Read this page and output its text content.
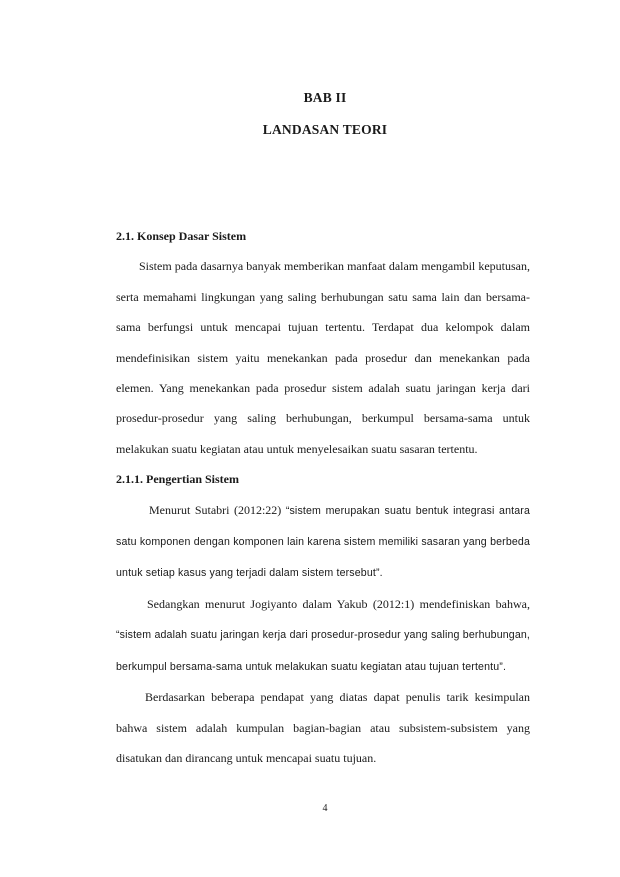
BAB II
LANDASAN TEORI
2.1. Konsep Dasar Sistem

Sistem pada dasarnya banyak memberikan manfaat dalam mengambil keputusan, serta memahami lingkungan yang saling berhubungan satu sama lain dan bersama-sama berfungsi untuk mencapai tujuan tertentu. Terdapat dua kelompok dalam mendefinisikan sistem yaitu menekankan pada prosedur dan menekankan pada elemen. Yang menekankan pada prosedur sistem adalah suatu jaringan kerja dari prosedur-prosedur yang saling berhubungan, berkumpul bersama-sama untuk melakukan suatu kegiatan atau untuk menyelesaikan suatu sasaran tertentu.

2.1.1. Pengertian Sistem

Menurut Sutabri (2012:22) “sistem merupakan suatu bentuk integrasi antara satu komponen dengan komponen lain karena sistem memiliki sasaran yang berbeda untuk setiap kasus yang terjadi dalam sistem tersebut”.

Sedangkan menurut Jogiyanto dalam Yakub (2012:1) mendefiniskan bahwa, “sistem adalah suatu jaringan kerja dari prosedur-prosedur yang saling berhubungan, berkumpul bersama-sama untuk melakukan suatu kegiatan atau tujuan tertentu”.

Berdasarkan beberapa pendapat yang diatas dapat penulis tarik kesimpulan bahwa sistem adalah kumpulan bagian-bagian atau subsistem-subsistem yang disatukan dan dirancang untuk mencapai suatu tujuan.

4
